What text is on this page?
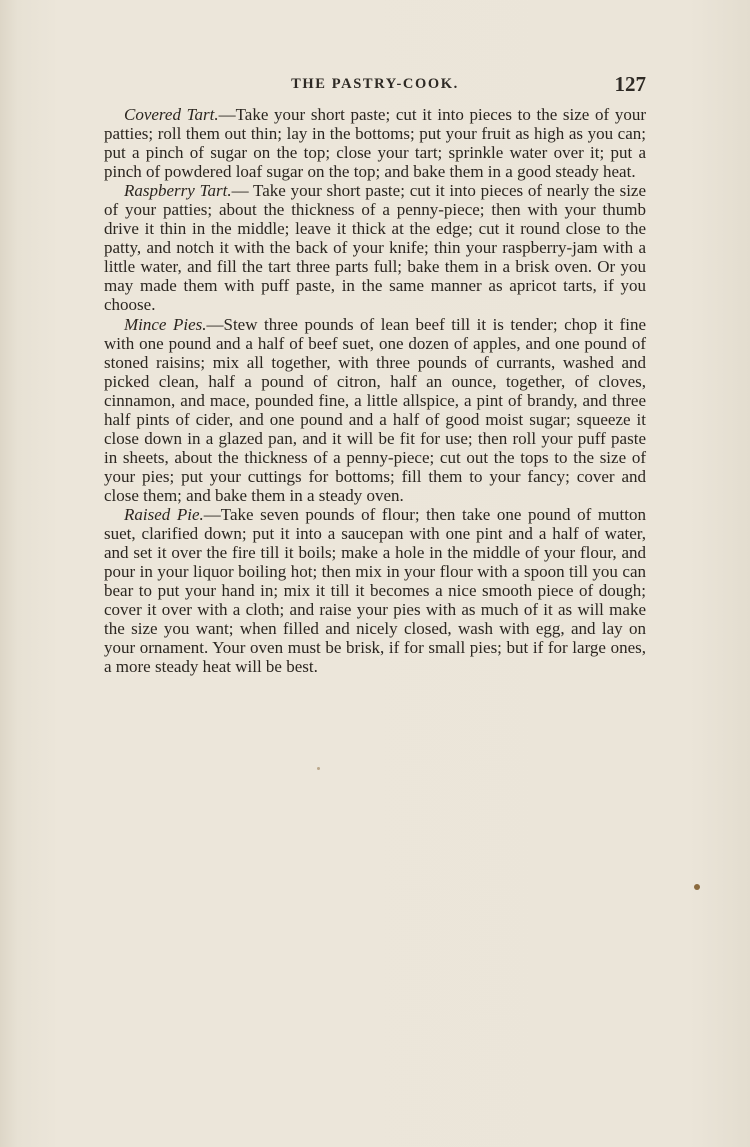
THE PASTRY-COOK.	127

Covered Tart.—Take your short paste; cut it into pieces to the size of your patties; roll them out thin; lay in the bottoms; put your fruit as high as you can; put a pinch of sugar on the top; close your tart; sprinkle water over it; put a pinch of powdered loaf sugar on the top; and bake them in a good steady heat.

Raspberry Tart.— Take your short paste; cut it into pieces of nearly the size of your patties; about the thickness of a penny-piece; then with your thumb drive it thin in the middle; leave it thick at the edge; cut it round close to the patty, and notch it with the back of your knife; thin your raspberry-jam with a little water, and fill the tart three parts full; bake them in a brisk oven. Or you may made them with puff paste, in the same manner as apricot tarts, if you choose.

Mince Pies.—Stew three pounds of lean beef till it is tender; chop it fine with one pound and a half of beef suet, one dozen of apples, and one pound of stoned raisins; mix all together, with three pounds of currants, washed and picked clean, half a pound of citron, half an ounce, together, of cloves, cinnamon, and mace, pounded fine, a little allspice, a pint of brandy, and three half pints of cider, and one pound and a half of good moist sugar; squeeze it close down in a glazed pan, and it will be fit for use; then roll your puff paste in sheets, about the thickness of a penny-piece; cut out the tops to the size of your pies; put your cuttings for bottoms; fill them to your fancy; cover and close them; and bake them in a steady oven.

Raised Pie.—Take seven pounds of flour; then take one pound of mutton suet, clarified down; put it into a saucepan with one pint and a half of water, and set it over the fire till it boils; make a hole in the middle of your flour, and pour in your liquor boiling hot; then mix in your flour with a spoon till you can bear to put your hand in; mix it till it becomes a nice smooth piece of dough; cover it over with a cloth; and raise your pies with as much of it as will make the size you want; when filled and nicely closed, wash with egg, and lay on your ornament. Your oven must be brisk, if for small pies; but if for large ones, a more steady heat will be best.
